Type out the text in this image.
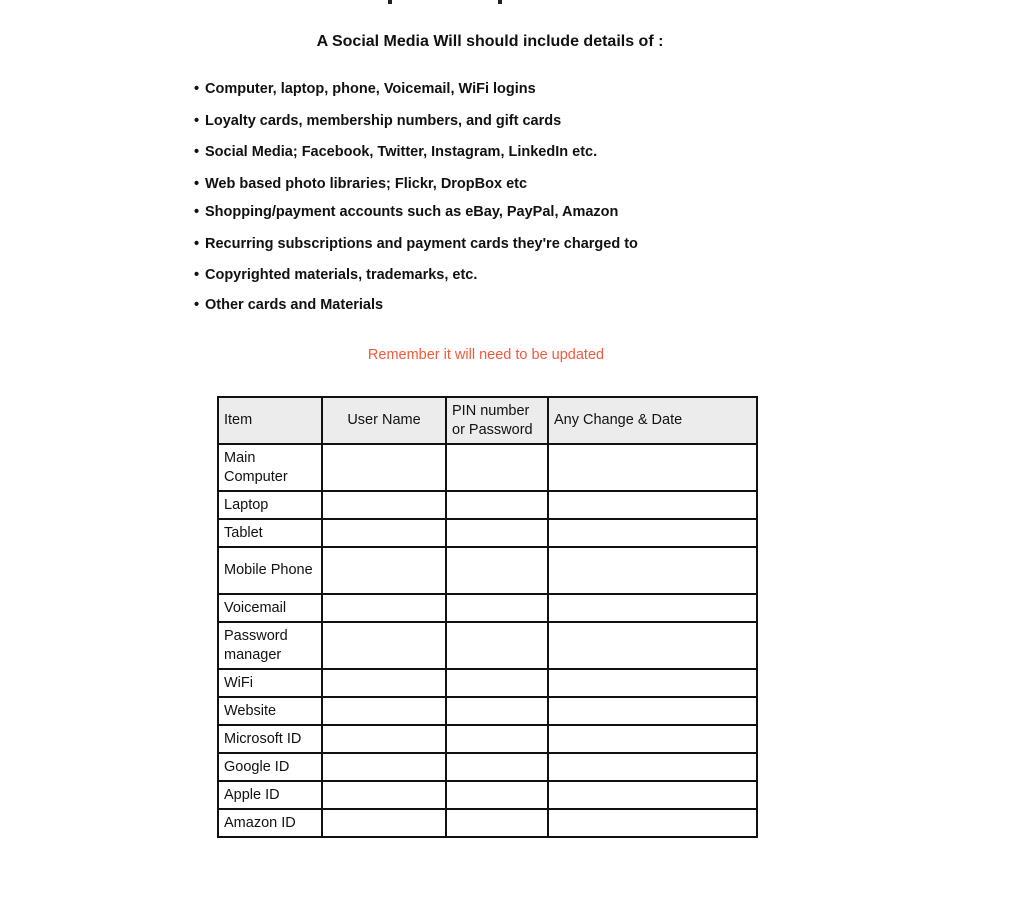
A Social Media Will should include details of :
• Computer, laptop, phone, Voicemail, WiFi logins
• Loyalty cards, membership numbers, and gift cards
• Social Media; Facebook, Twitter, Instagram, LinkedIn etc.
• Web based photo libraries; Flickr, DropBox etc
• Shopping/payment accounts such as eBay, PayPal, Amazon
• Recurring subscriptions and payment cards they're charged to
• Copyrighted materials, trademarks, etc.
• Other cards and Materials
Remember it will need to be updated
Item	User Name	PIN number or Password	Any Change & Date

Main Computer			

Laptop			

Tablet			

Mobile Phone			

Voicemail			

Password manager			

WiFi			

Website			

Microsoft ID			

Google ID			

Apple ID			

Amazon ID			
